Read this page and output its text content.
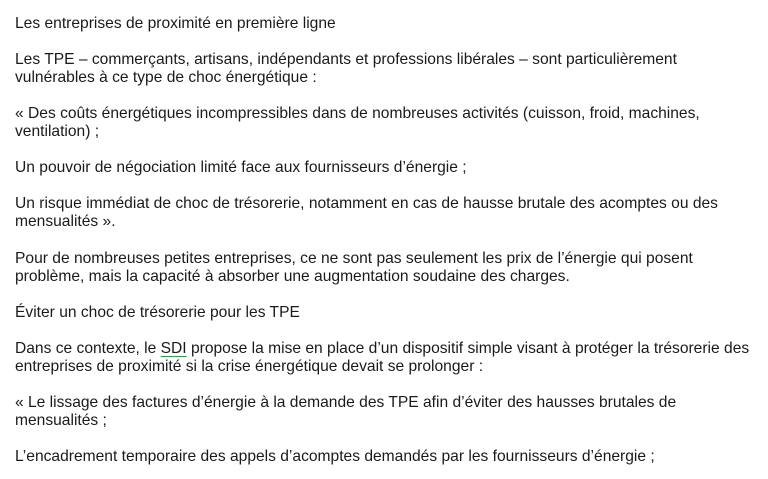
Les entreprises de proximité en première ligne

Les TPE – commerçants, artisans, indépendants et professions libérales – sont particulièrement vulnérables à ce type de choc énergétique :

« Des coûts énergétiques incompressibles dans de nombreuses activités (cuisson, froid, machines, ventilation) ;

Un pouvoir de négociation limité face aux fournisseurs d’énergie ;

Un risque immédiat de choc de trésorerie, notamment en cas de hausse brutale des acomptes ou des mensualités ».

Pour de nombreuses petites entreprises, ce ne sont pas seulement les prix de l’énergie qui posent problème, mais la capacité à absorber une augmentation soudaine des charges.

Éviter un choc de trésorerie pour les TPE

Dans ce contexte, le SDI propose la mise en place d’un dispositif simple visant à protéger la trésorerie des entreprises de proximité si la crise énergétique devait se prolonger :

« Le lissage des factures d’énergie à la demande des TPE afin d’éviter des hausses brutales de mensualités ;

L’encadrement temporaire des appels d’acomptes demandés par les fournisseurs d’énergie ;
